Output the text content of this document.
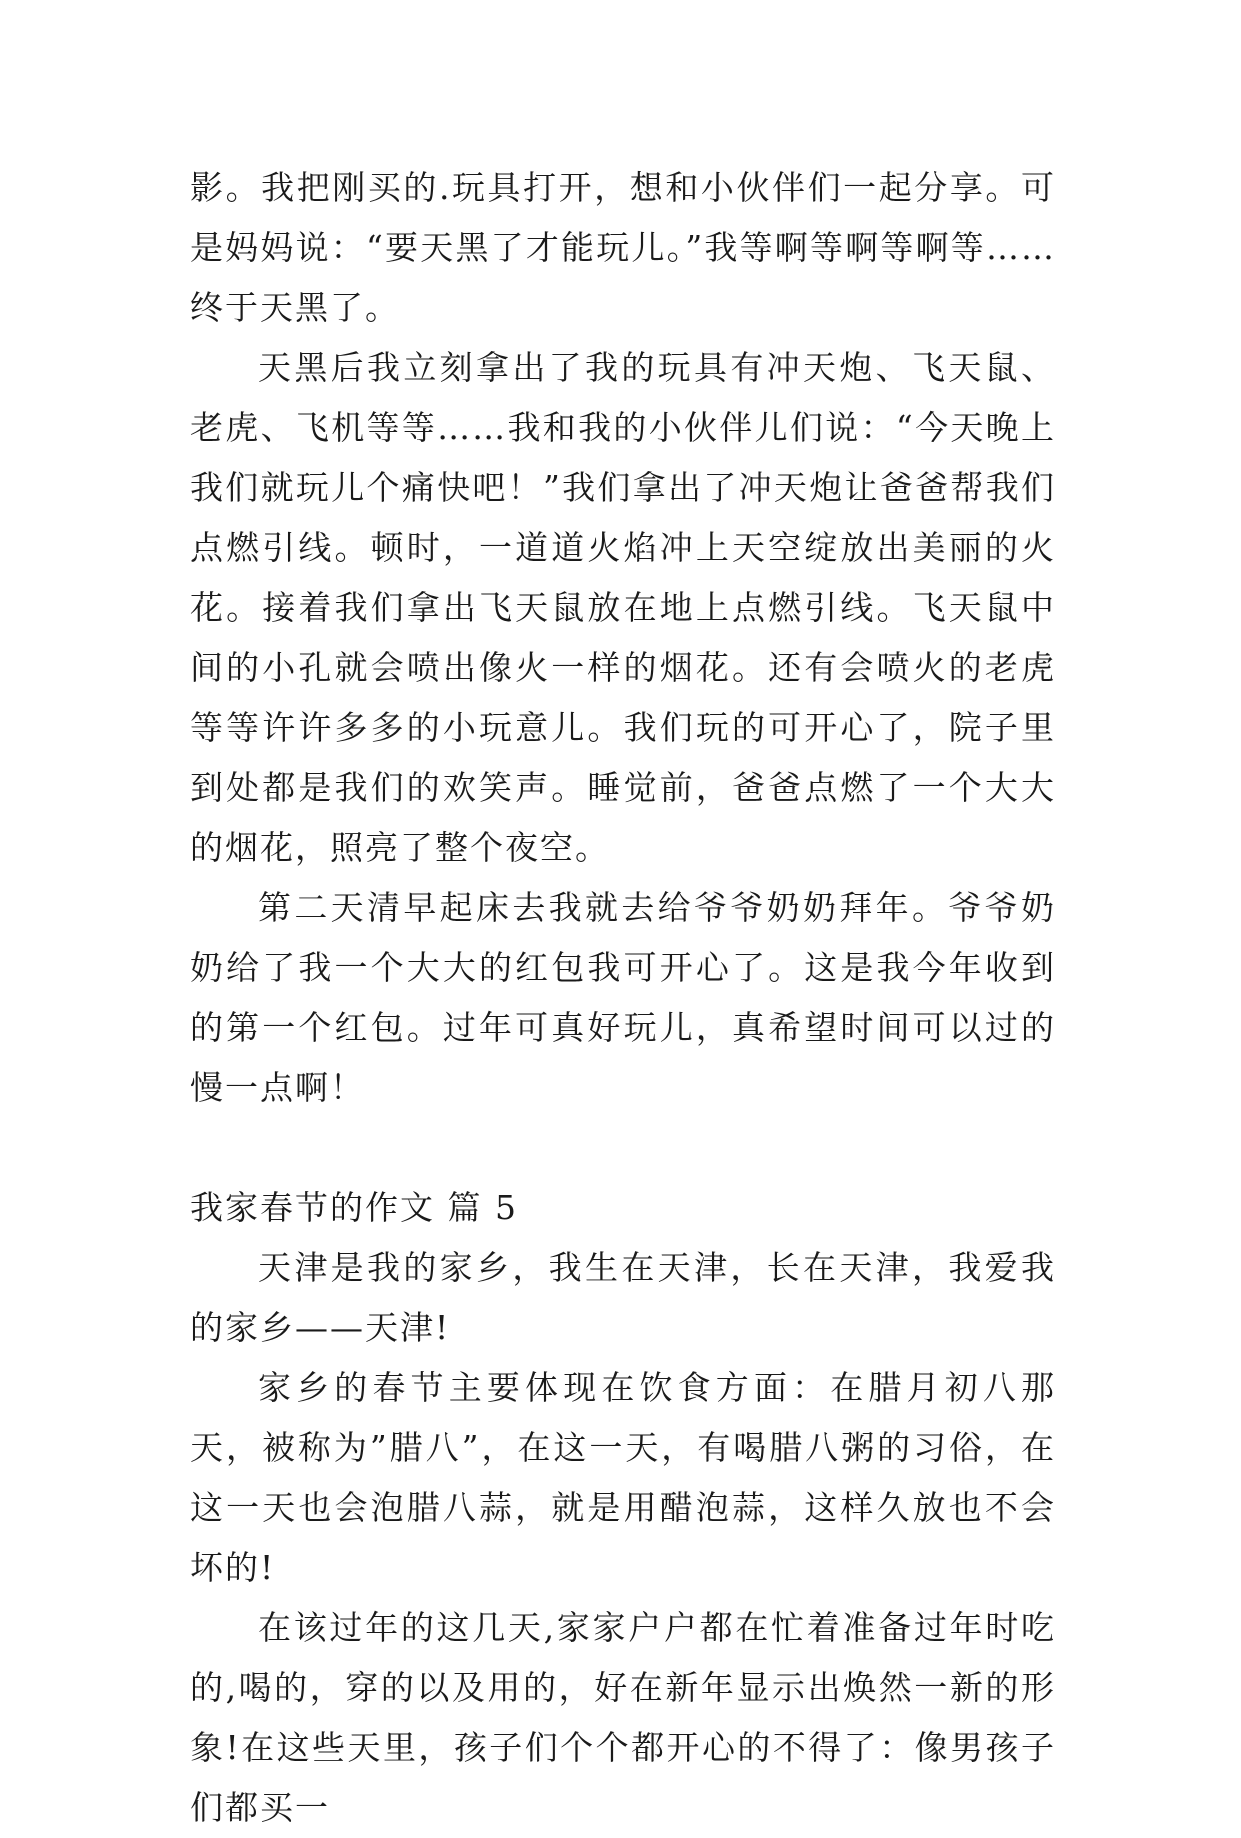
影。我把刚买的.玩具打开，想和小伙伴们一起分享。可是妈妈说：“要天黑了才能玩儿。”我等啊等啊等啊等……终于天黑了。

天黑后我立刻拿出了我的玩具有冲天炮、飞天鼠、老虎、飞机等等……我和我的小伙伴儿们说：“今天晚上我们就玩儿个痛快吧！”我们拿出了冲天炮让爸爸帮我们点燃引线。顿时，一道道火焰冲上天空绽放出美丽的火花。接着我们拿出飞天鼠放在地上点燃引线。飞天鼠中间的小孔就会喷出像火一样的烟花。还有会喷火的老虎等等许许多多的小玩意儿。我们玩的可开心了，院子里到处都是我们的欢笑声。睡觉前，爸爸点燃了一个大大的烟花，照亮了整个夜空。

第二天清早起床去我就去给爷爷奶奶拜年。爷爷奶奶给了我一个大大的红包我可开心了。这是我今年收到的第一个红包。过年可真好玩儿，真希望时间可以过的慢一点啊！

我家春节的作文 篇 5

天津是我的家乡，我生在天津，长在天津，我爱我的家乡——天津!

家乡的春节主要体现在饮食方面：在腊月初八那天，被称为”腊八”，在这一天，有喝腊八粥的习俗，在这一天也会泡腊八蒜，就是用醋泡蒜，这样久放也不会坏的!

在该过年的这几天,家家户户都在忙着准备过年时吃的,喝的，穿的以及用的，好在新年显示出焕然一新的形象!在这些天里，孩子们个个都开心的不得了：像男孩子们都买一
